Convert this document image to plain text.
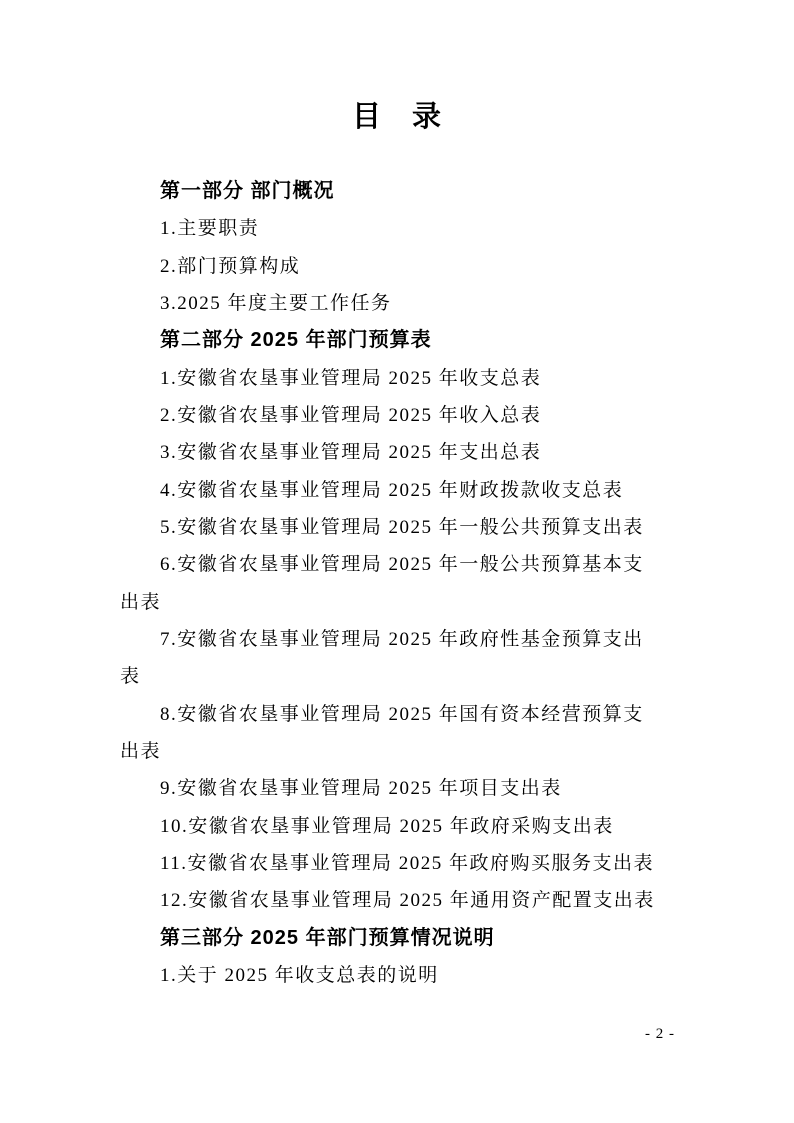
目　录
第一部分 部门概况
1.主要职责
2.部门预算构成
3.2025 年度主要工作任务
第二部分 2025 年部门预算表
1.安徽省农垦事业管理局 2025 年收支总表
2.安徽省农垦事业管理局 2025 年收入总表
3.安徽省农垦事业管理局 2025 年支出总表
4.安徽省农垦事业管理局 2025 年财政拨款收支总表
5.安徽省农垦事业管理局 2025 年一般公共预算支出表
6.安徽省农垦事业管理局 2025 年一般公共预算基本支
出表
7.安徽省农垦事业管理局 2025 年政府性基金预算支出
表
8.安徽省农垦事业管理局 2025 年国有资本经营预算支
出表
9.安徽省农垦事业管理局 2025 年项目支出表
10.安徽省农垦事业管理局 2025 年政府采购支出表
11.安徽省农垦事业管理局 2025 年政府购买服务支出表
12.安徽省农垦事业管理局 2025 年通用资产配置支出表
第三部分 2025 年部门预算情况说明
1.关于 2025 年收支总表的说明
- 2 -
